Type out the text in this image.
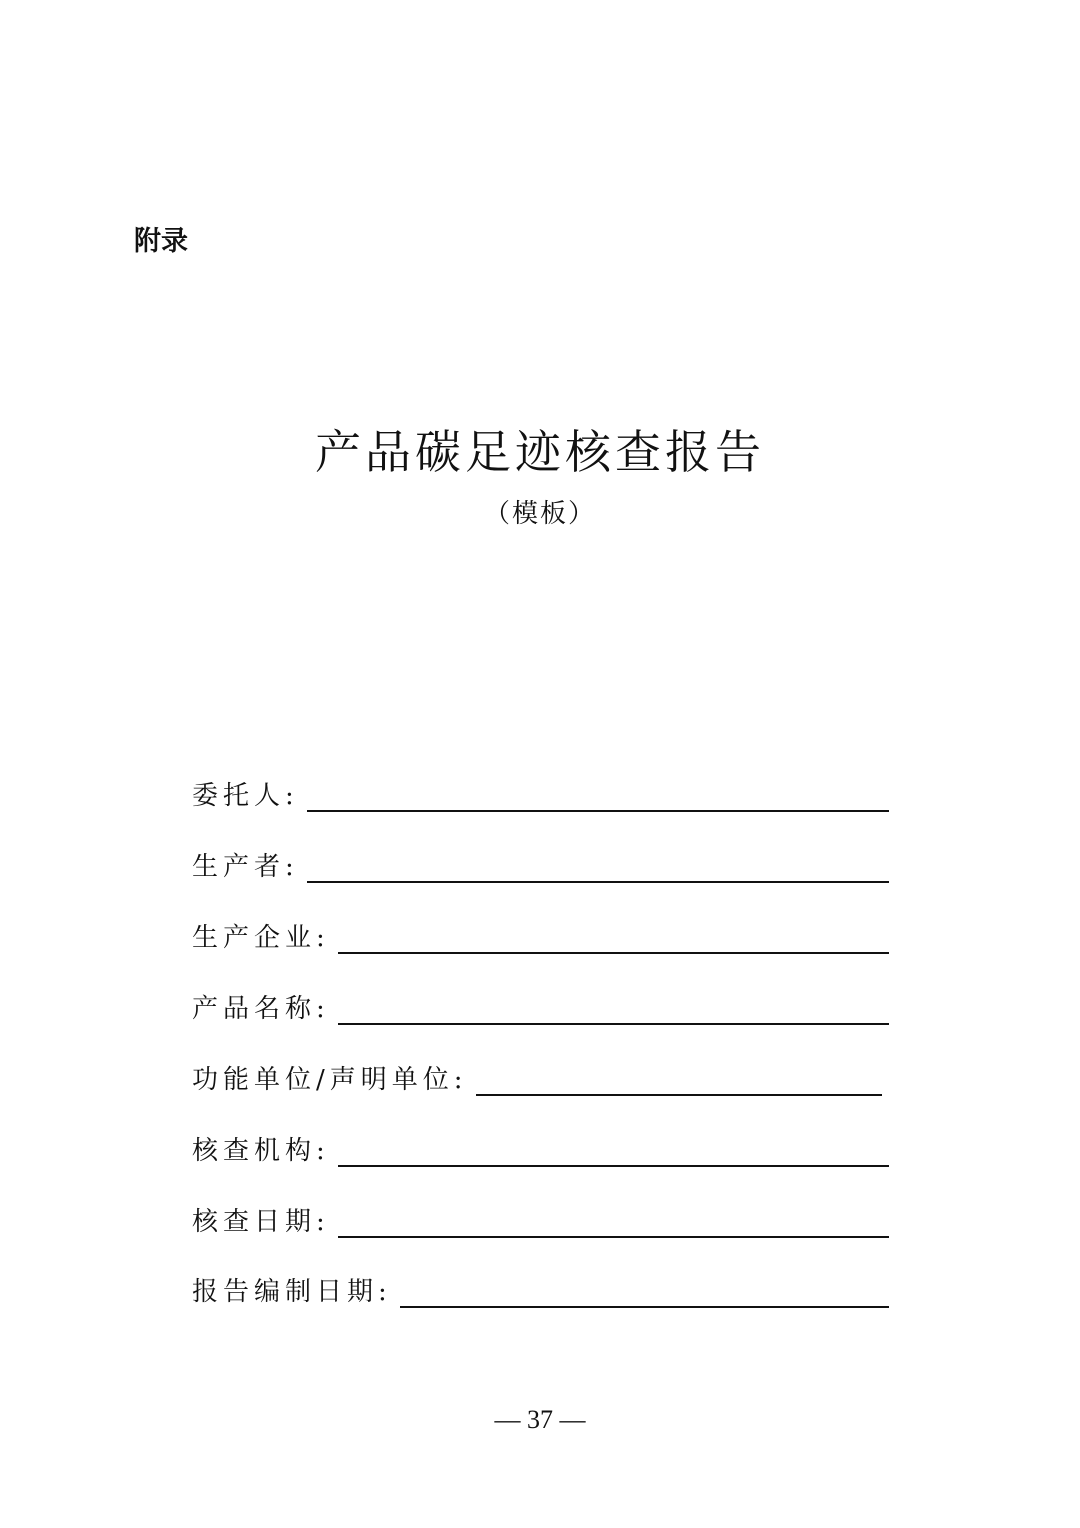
附录

产品碳足迹核查报告
（模板）
委托人:
生产者:
生产企业:
产品名称:
功能单位/声明单位:
核查机构:
核查日期:
报告编制日期:
— 37 —
